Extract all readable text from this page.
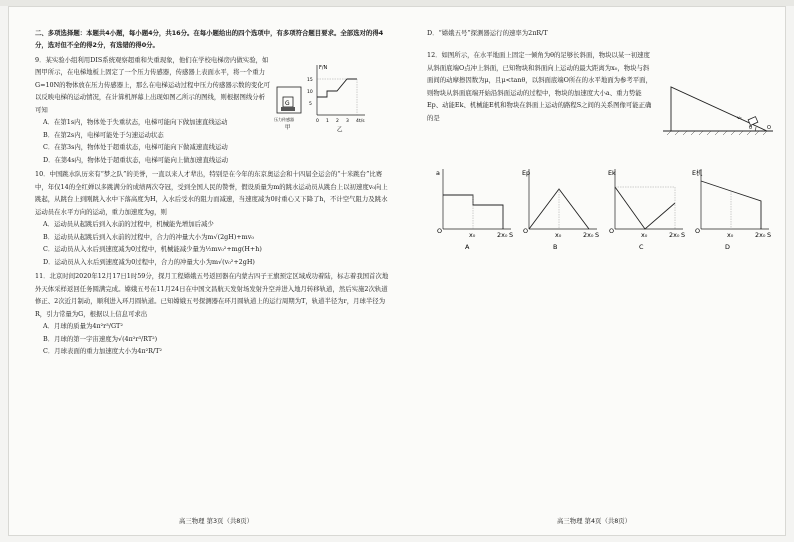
二、多项选择题：本题共4小题，每小题4分，共16分。在每小题给出的四个选项中，有多项符合题目要求。全部选对的得4分，选对但不全的得2分，有选错的得0分。

9．某实验小组利用DIS系统观察超重和失重现象，他们在学校电梯房内做实验，如图甲所示，在电梯地板上固定了一个压力传感器，传感器上表面水平，将一个重力G=10N的物体放在压力传感器上，那么在电梯运动过程中压力传感器示数的变化可以反映电梯的运动情况，在计算机屏幕上出现如图乙所示的图线，则根据图线分析可知

A．在第1s内，物体处于失重状态，电梯可能向下做加速直线运动
B．在第2s内，电梯可能处于匀速运动状态
C．在第3s内，物体处于超重状态，电梯可能向下做减速直线运动
D．在第4s内，物体处于超重状态，电梯可能向上做加速直线运动

10．中国跳水队历来有“梦之队”的美誉，一直以来人才辈出，特别是在今年的东京奥运会和十四届全运会的“十米跳台”比赛中，年仅14的全红婵以多跳满分的成绩两次夺冠，受到全国人民的赞誉，假设质量为m的跳水运动员从跳台上以初速度v₀向上跳起，从跳台上到刚跳入水中下落高度为H，入水后受水的阻力而减速，当速度减为0时重心又下降了h，不计空气阻力及跳水运动员在水平方向的运动，重力加速度为g，则

A．运动员从起跳后到入水前的过程中，机械能先增加后减少
B．运动员从起跳后到入水前的过程中，合力的冲量大小为m√(2gH)+mv₀
C．运动员从入水后到速度减为0过程中，机械能减少量为½mv₀²+mg(H+h)
D．运动员从入水后到速度减为0过程中，合力的冲量大小为m√(v₀²+2gH)

11．北京时间2020年12月17日1时59分，探月工程嫦娥五号返回器在内蒙古四子王旗预定区域成功着陆，标志着我国首次地外天体采样返回任务圆满完成。嫦娥五号在11月24日在中国文昌航天发射场发射升空并进入地月转移轨道，然后实施2次轨道修正、2次近月制动，顺利进入环月圆轨道。已知嫦娥五号探测器在环月圆轨道上的运行周期为T，轨道半径为r，月球半径为R，引力常量为G，根据以上信息可求出

A．月球的质量为4π²r³/GT²
B．月球的第一宇宙速度为√(4π²r³/RT²)
C．月球表面的重力加速度大小为4π²R/T²
G
压力传感器
甲
F/N
15
10
5
0 1 2 3 4 t/s
乙
D．“嫦娥五号”探测器运行的速率为2πR/T

12．如图所示，在水平地面上固定一倾角为θ的足够长斜面，物块以某一初速度从斜面底端O点冲上斜面，已知物块和斜面向上运动的最大距离为x₀，物块与斜面间的动摩擦因数为μ，且μ<tanθ，以斜面底端O所在的水平地面为参考平面，则物块从斜面底端开始沿斜面运动的过程中，物块的加速度大小a、重力势能Ep、动能Ek、机械能E机和物块在斜面上运动的路程S之间的关系图像可能正确的是

θ	O
v₀
a
O	x₀	2x₀ S
A
Ep
O	x₀	2x₀ S
B
Ek
O	x₀	2x₀ S
C
E机
O	x₀	2x₀ S
D
高三物理 第3页（共8页）	高三物理 第4页（共8页）
